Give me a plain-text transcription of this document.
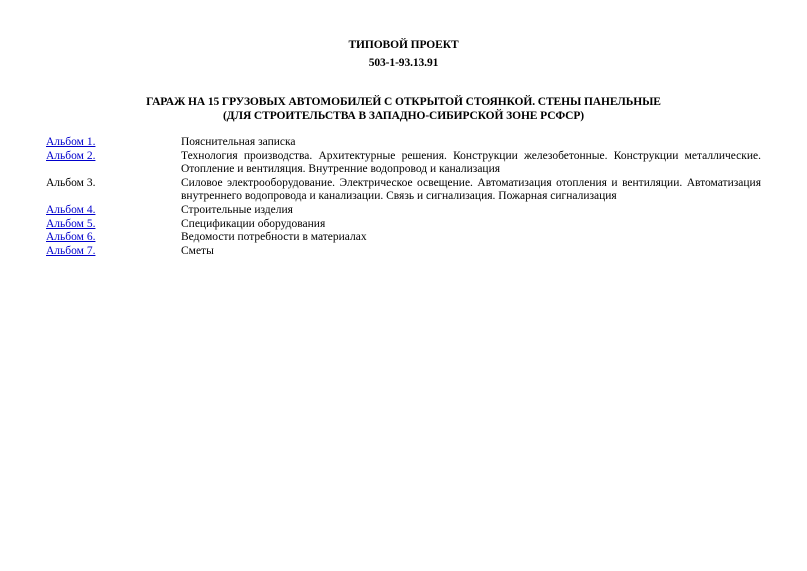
ТИПОВОЙ ПРОЕКТ
503-1-93.13.91
ГАРАЖ НА 15 ГРУЗОВЫХ АВТОМОБИЛЕЙ С ОТКРЫТОЙ СТОЯНКОЙ. СТЕНЫ ПАНЕЛЬНЫЕ
(ДЛЯ СТРОИТЕЛЬСТВА В ЗАПАДНО-СИБИРСКОЙ ЗОНЕ РСФСР)
Альбом 1.	Пояснительная записка
Альбом 2.	Технология производства. Архитектурные решения. Конструкции железобетонные. Конструкции металлические. Отопление и вентиляция. Внутренние водопровод и канализация
Альбом 3.	Силовое электрооборудование. Электрическое освещение. Автоматизация отопления и вентиляции. Автоматизация внутреннего водопровода и канализации. Связь и сигнализация. Пожарная сигнализация
Альбом 4.	Строительные изделия
Альбом 5.	Спецификации оборудования
Альбом 6.	Ведомости потребности в материалах
Альбом 7.	Сметы
